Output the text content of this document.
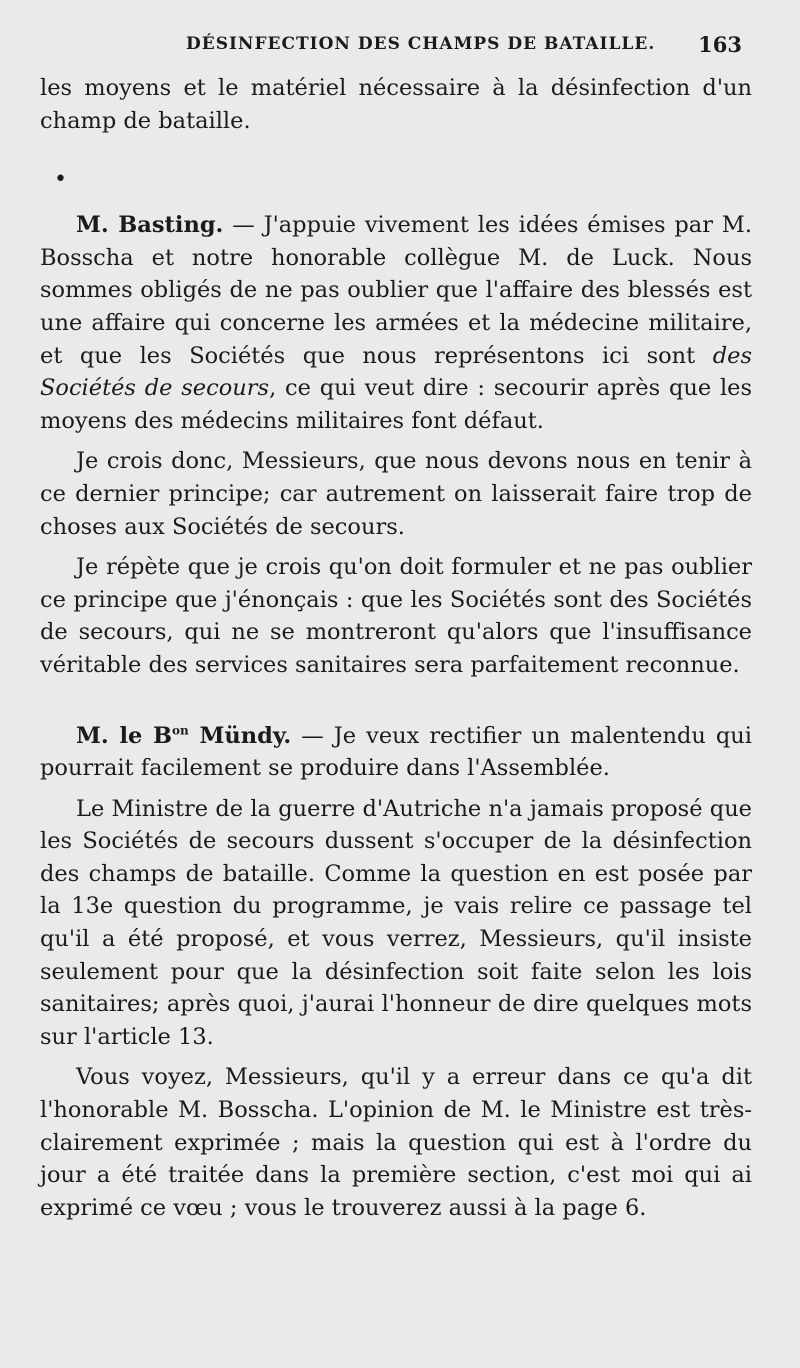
DÉSINFECTION DES CHAMPS DE BATAILLE. 163

les moyens et le matériel nécessaire à la désinfection d'un champ de bataille.

•

M. Basting. — J'appuie vivement les idées émises par M. Bosscha et notre honorable collègue M. de Luck. Nous sommes obligés de ne pas oublier que l'affaire des blessés est une affaire qui concerne les armées et la médecine militaire, et que les Sociétés que nous représentons ici sont des Sociétés de secours, ce qui veut dire : secourir après que les moyens des médecins militaires font défaut.

Je crois donc, Messieurs, que nous devons nous en tenir à ce dernier principe; car autrement on laisserait faire trop de choses aux Sociétés de secours.

Je répète que je crois qu'on doit formuler et ne pas oublier ce principe que j'énonçais : que les Sociétés sont des Sociétés de secours, qui ne se montreront qu'alors que l'insuffisance véritable des services sanitaires sera parfaitement reconnue.

M. le $B^{on}$ Mündy. — Je veux rectifier un malentendu qui pourrait facilement se produire dans l'Assemblée.

Le Ministre de la guerre d'Autriche n'a jamais proposé que les Sociétés de secours dussent s'occuper de la désinfection des champs de bataille. Comme la question en est posée par la 13e question du programme, je vais relire ce passage tel qu'il a été proposé, et vous verrez, Messieurs, qu'il insiste seulement pour que la désinfection soit faite selon les lois sanitaires; après quoi, j'aurai l'honneur de dire quelques mots sur l'article 13.

Vous voyez, Messieurs, qu'il y a erreur dans ce qu'a dit l'honorable M. Bosscha. L'opinion de M. le Ministre est très-clairement exprimée ; mais la question qui est à l'ordre du jour a été traitée dans la première section, c'est moi qui ai exprimé ce vœu ; vous le trouverez aussi à la page 6.
